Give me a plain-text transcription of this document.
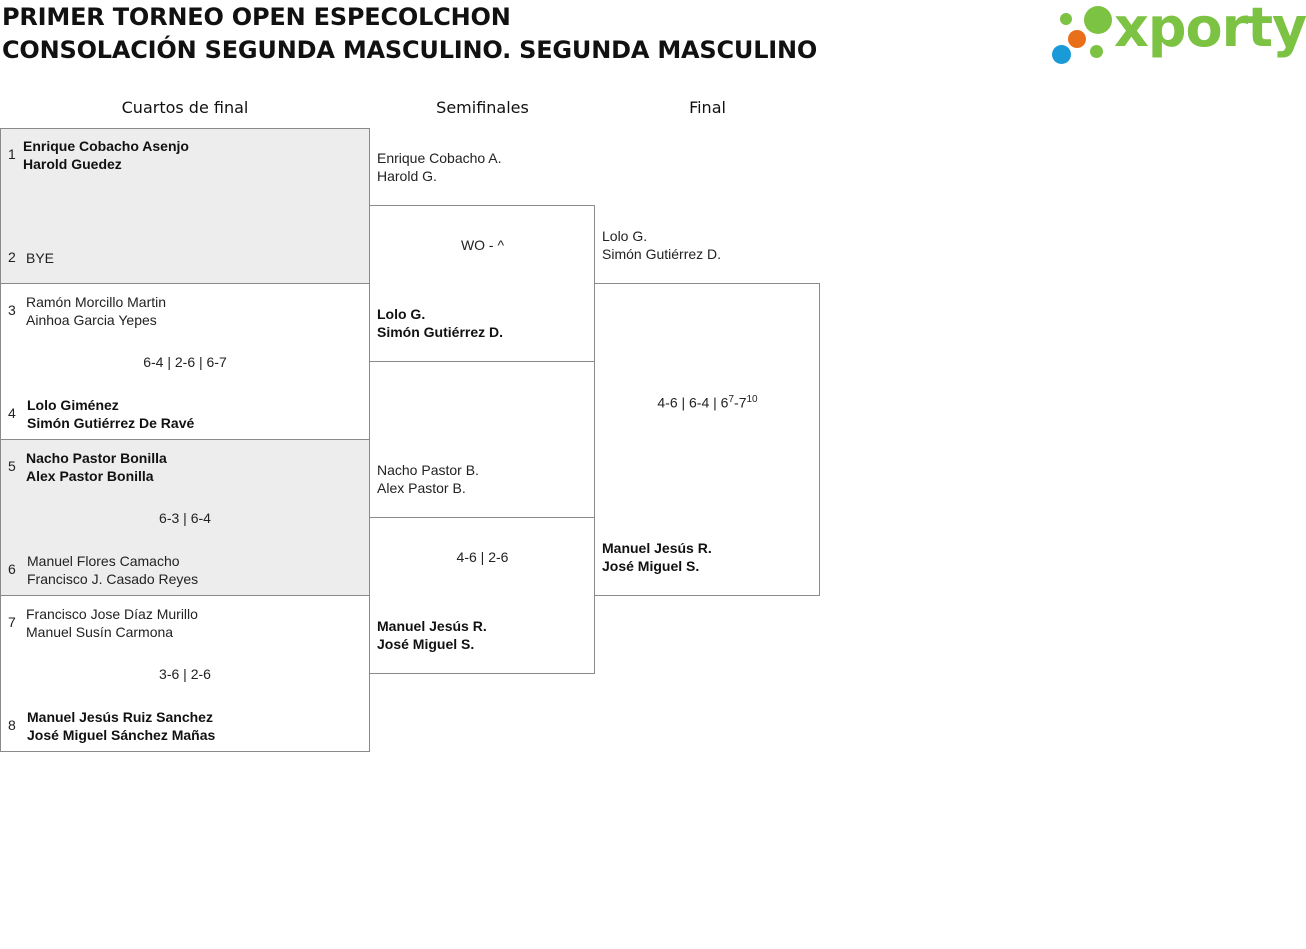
PRIMER TORNEO OPEN ESPECOLCHON
CONSOLACIÓN SEGUNDA MASCULINO. SEGUNDA MASCULINO	xporty
Cuartos de final	Semifinales	Final
1 Enrique Cobacho Asenjo
Harold Guedez
2 BYE
3 Ramón Morcillo Martin
Ainhoa Garcia Yepes
6-4 | 2-6 | 6-7
4 Lolo Giménez
Simón Gutiérrez De Ravé
5 Nacho Pastor Bonilla
Alex Pastor Bonilla
6-3 | 6-4
6 Manuel Flores Camacho
Francisco J. Casado Reyes
7 Francisco Jose Díaz Murillo
Manuel Susín Carmona
3-6 | 2-6
8 Manuel Jesús Ruiz Sanchez
José Miguel Sánchez Mañas
Enrique Cobacho A.
Harold G.
WO - ^
Lolo G.
Simón Gutiérrez D.
Nacho Pastor B.
Alex Pastor B.
4-6 | 2-6
Manuel Jesús R.
José Miguel S.
Lolo G.
Simón Gutiérrez D.
4-6 | 6-4 | $6^7-7^{10}$
Manuel Jesús R.
José Miguel S.
